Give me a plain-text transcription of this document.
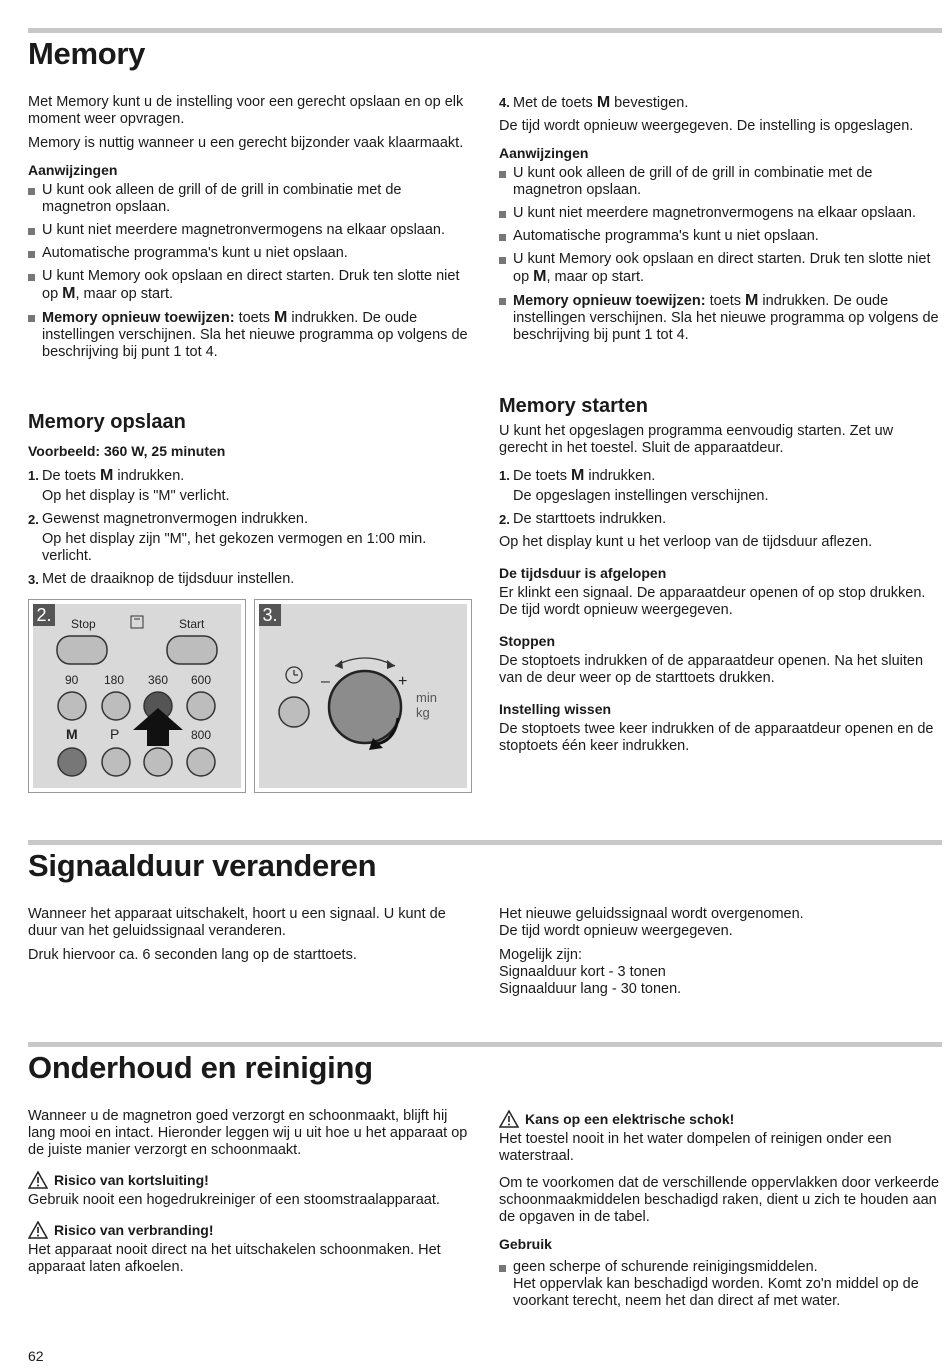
Memory

Met Memory kunt u de instelling voor een gerecht opslaan en op elk moment weer opvragen.

Memory is nuttig wanneer u een gerecht bijzonder vaak klaarmaakt.

Aanwijzingen
U kunt ook alleen de grill of de grill in combinatie met de magnetron opslaan.
U kunt niet meerdere magnetronvermogens na elkaar opslaan.
Automatische programma's kunt u niet opslaan.
U kunt Memory ook opslaan en direct starten. Druk ten slotte niet op M, maar op start.
Memory opnieuw toewijzen: toets M indrukken. De oude instellingen verschijnen. Sla het nieuwe programma op volgens de beschrijving bij punt 1 tot 4.
Memory opslaan
Voorbeeld: 360 W, 25 minuten
1. De toets M indrukken.
Op het display is "M" verlicht.
2. Gewenst magnetronvermogen indrukken.
Op het display zijn "M", het gekozen vermogen en 1:00 min. verlicht.
3. Met de draaiknop de tijdsduur instellen.
2. Stop	Start
90 180 360 600
M P	800
3.
–	+
min
kg
4. Met de toets M bevestigen.

De tijd wordt opnieuw weergegeven. De instelling is opgeslagen.

Aanwijzingen
U kunt ook alleen de grill of de grill in combinatie met de magnetron opslaan.
U kunt niet meerdere magnetronvermogens na elkaar opslaan.
Automatische programma's kunt u niet opslaan.
U kunt Memory ook opslaan en direct starten. Druk ten slotte niet op M, maar op start.
Memory opnieuw toewijzen: toets M indrukken. De oude instellingen verschijnen. Sla het nieuwe programma op volgens de beschrijving bij punt 1 tot 4.
Memory starten

U kunt het opgeslagen programma eenvoudig starten. Zet uw gerecht in het toestel. Sluit de apparaatdeur.

1. De toets M indrukken.
De opgeslagen instellingen verschijnen.
2. De starttoets indrukken.

Op het display kunt u het verloop van de tijdsduur aflezen.

De tijdsduur is afgelopen

Er klinkt een signaal. De apparaatdeur openen of op stop drukken. De tijd wordt opnieuw weergegeven.

Stoppen

De stoptoets indrukken of de apparaatdeur openen. Na het sluiten van de deur weer op de starttoets drukken.

Instelling wissen

De stoptoets twee keer indrukken of de apparaatdeur openen en de stoptoets één keer indrukken.

Signaalduur veranderen

Wanneer het apparaat uitschakelt, hoort u een signaal. U kunt de duur van het geluidssignaal veranderen.

Druk hiervoor ca. 6 seconden lang op de starttoets.

Het nieuwe geluidssignaal wordt overgenomen.
De tijd wordt opnieuw weergegeven.

Mogelijk zijn:
Signaalduur kort - 3 tonen
Signaalduur lang - 30 tonen.

Onderhoud en reiniging

Wanneer u de magnetron goed verzorgt en schoonmaakt, blijft hij lang mooi en intact. Hieronder leggen wij u uit hoe u het apparaat op de juiste manier verzorgt en schoonmaakt.

Risico van kortsluiting!

Gebruik nooit een hogedrukreiniger of een stoomstraalapparaat.

Risico van verbranding!

Het apparaat nooit direct na het uitschakelen schoonmaken. Het apparaat laten afkoelen.

Kans op een elektrische schok!

Het toestel nooit in het water dompelen of reinigen onder een waterstraal.

Om te voorkomen dat de verschillende oppervlakken door verkeerde schoonmaakmiddelen beschadigd raken, dient u zich te houden aan de opgaven in de tabel.

Gebruik
geen scherpe of schurende reinigingsmiddelen.
Het oppervlak kan beschadigd worden. Komt zo'n middel op de voorkant terecht, neem het dan direct af met water.
62
